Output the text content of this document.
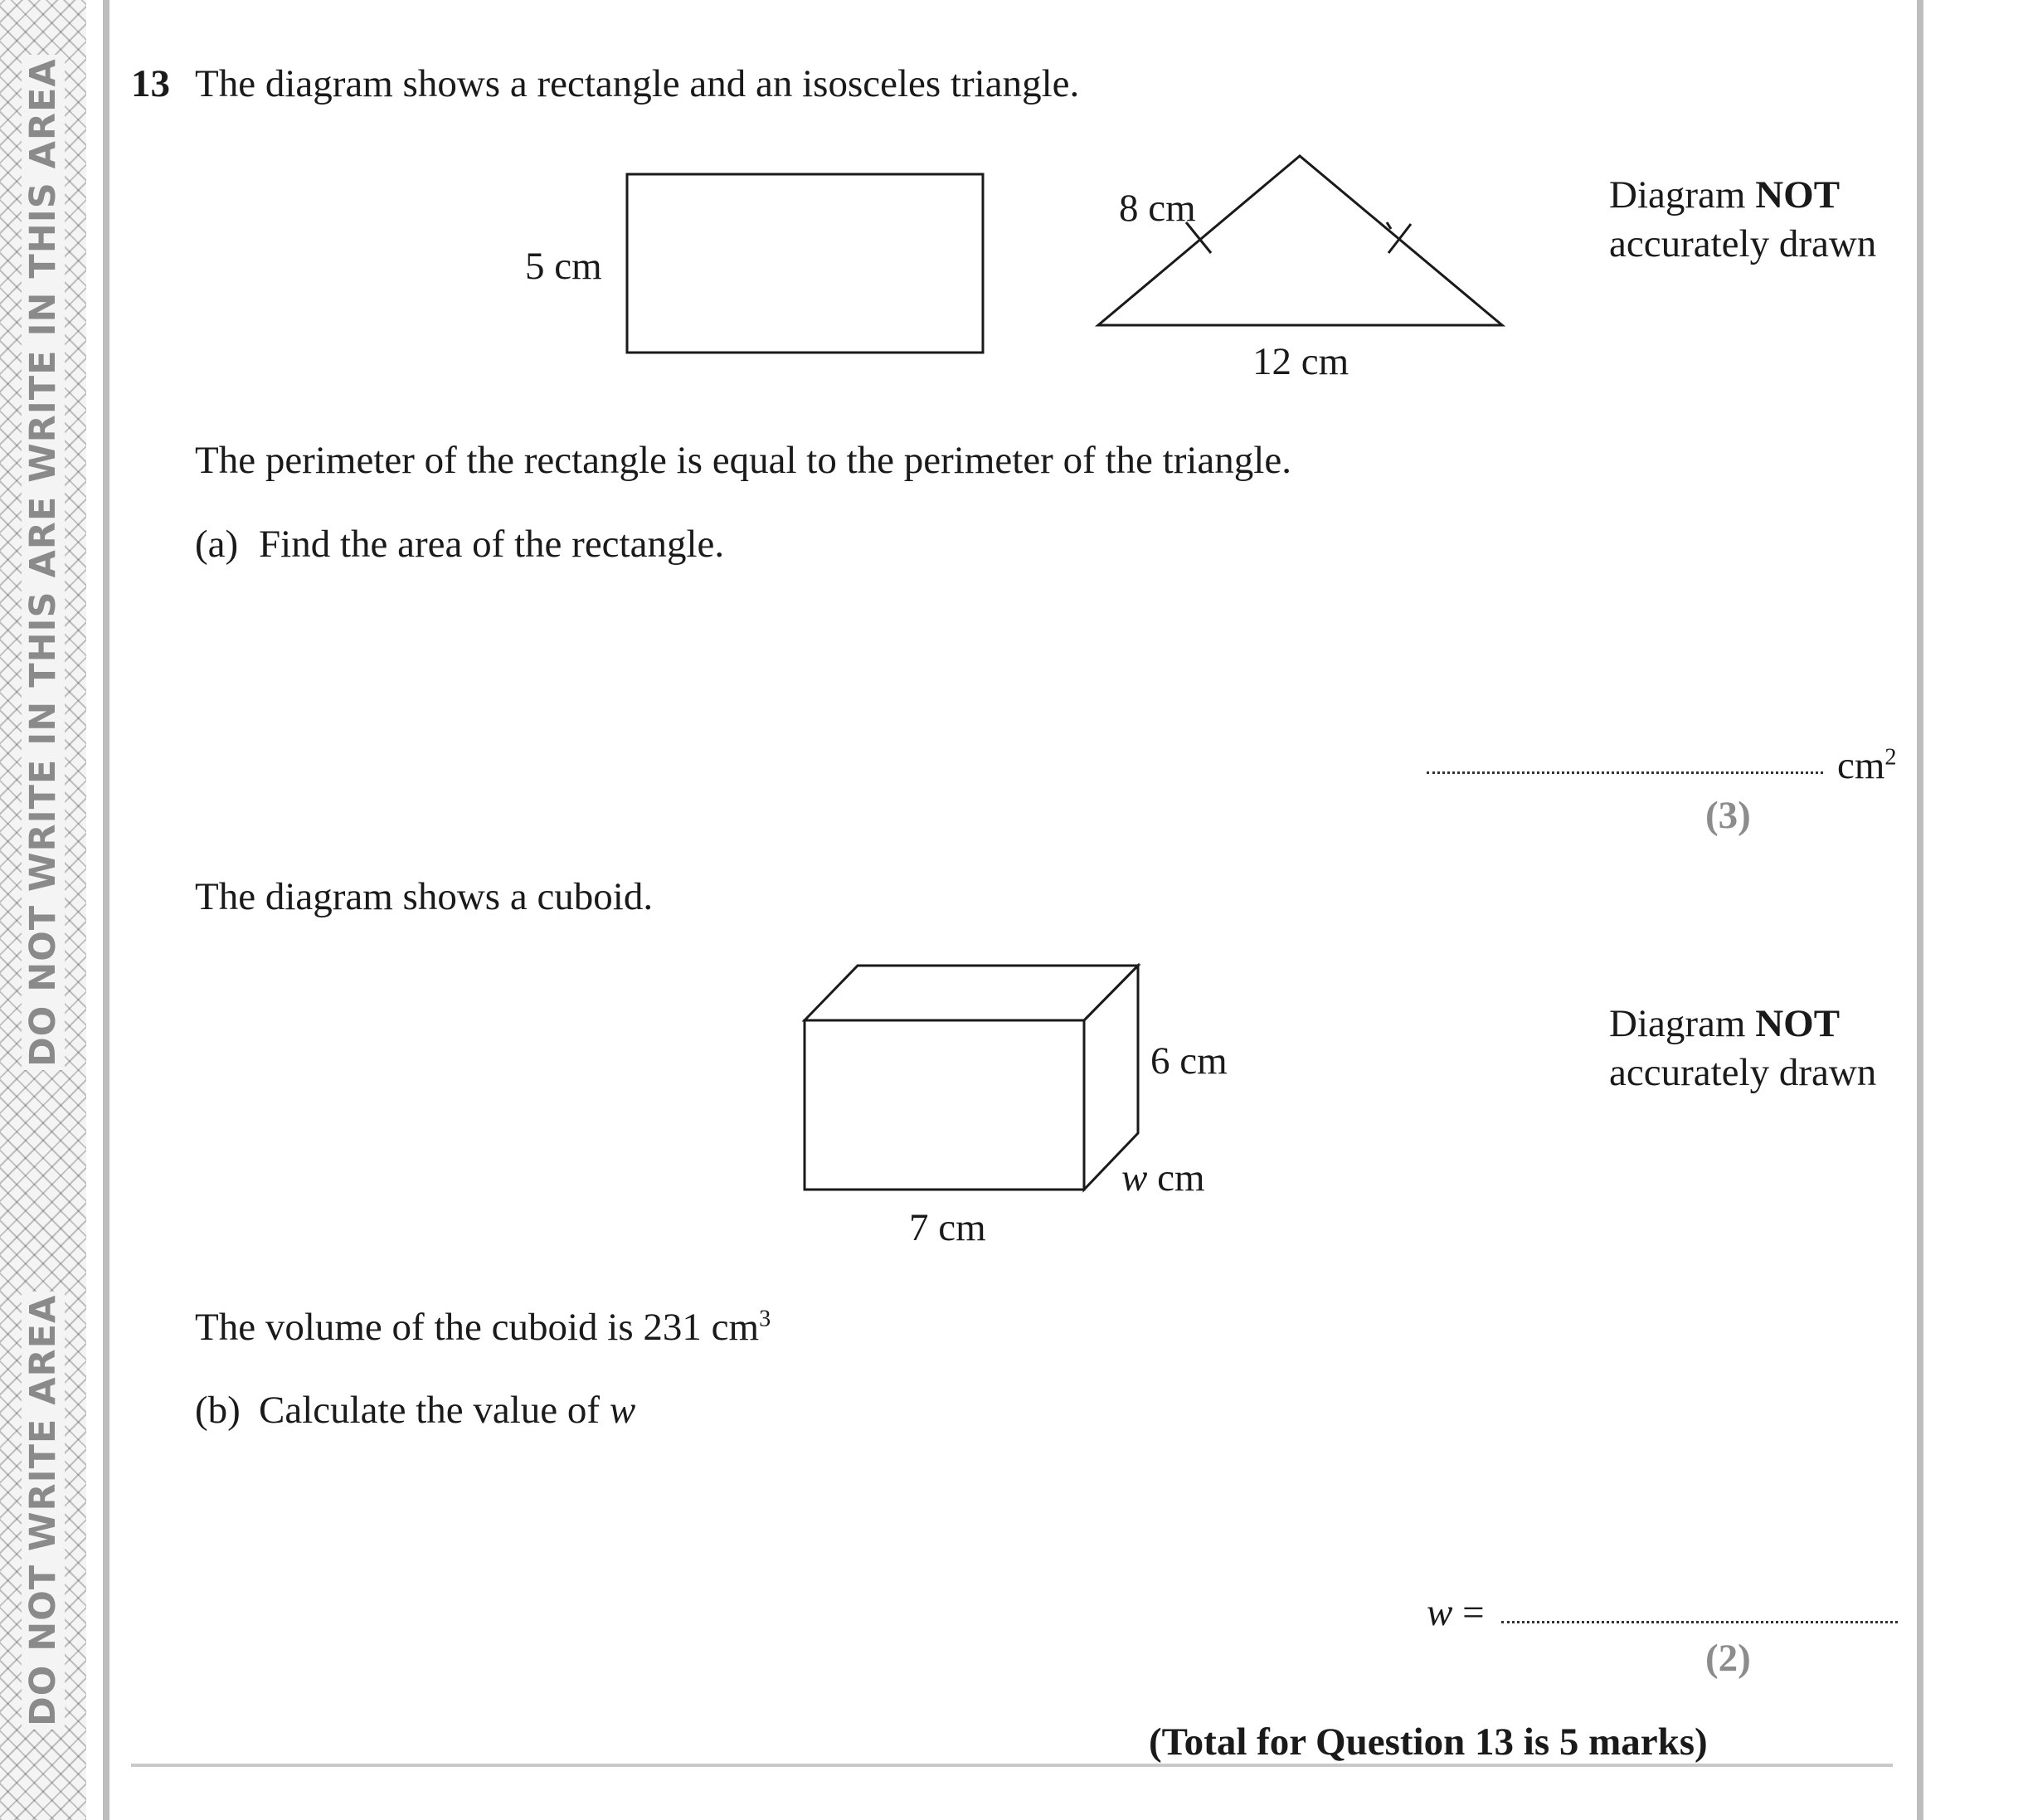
DO NOT WRITE IN THIS ARE WRITE IN THIS AREA
DO NOT WRITE AREA
13 The diagram shows a rectangle and an isosceles triangle.
Diagram NOT
accurately drawn
5 cm
8 cm
12 cm
The perimeter of the rectangle is equal to the perimeter of the triangle.
(a) Find the area of the rectangle.
$cm^2$
(3)
The diagram shows a cuboid.
Diagram NOT
accurately drawn
6 cm
w cm
7 cm
The volume of the cuboid is 231 $cm^3$
(b) Calculate the value of w
w =
(2)
(Total for Question 13 is 5 marks)
